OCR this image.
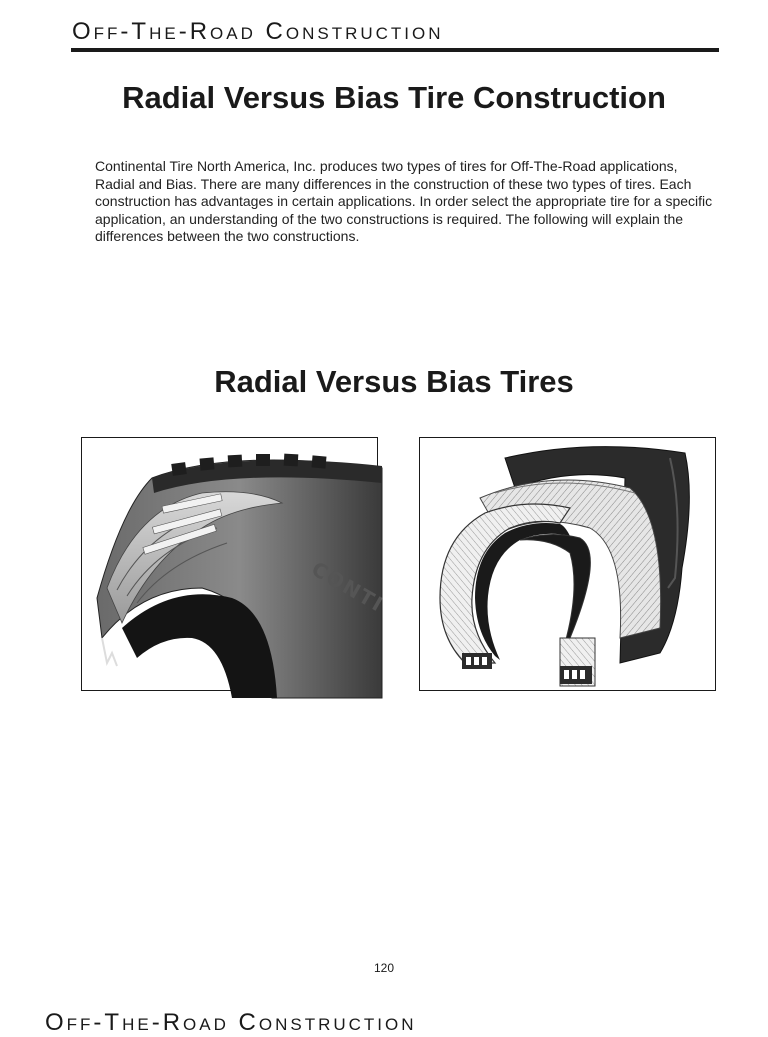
Off-The-Road Construction
Radial Versus Bias Tire Construction

Continental Tire North America, Inc. produces two types of tires for Off-The-Road applications, Radial and Bias. There are many differences in the construction of these two types of tires. Each construction has advantages in certain applications. In order select the appropriate tire for a specific application, an understanding of the two constructions is required. The following will explain the differences between the two constructions.

Radial Versus Bias Tires
CONTI
120
Off-The-Road Construction
